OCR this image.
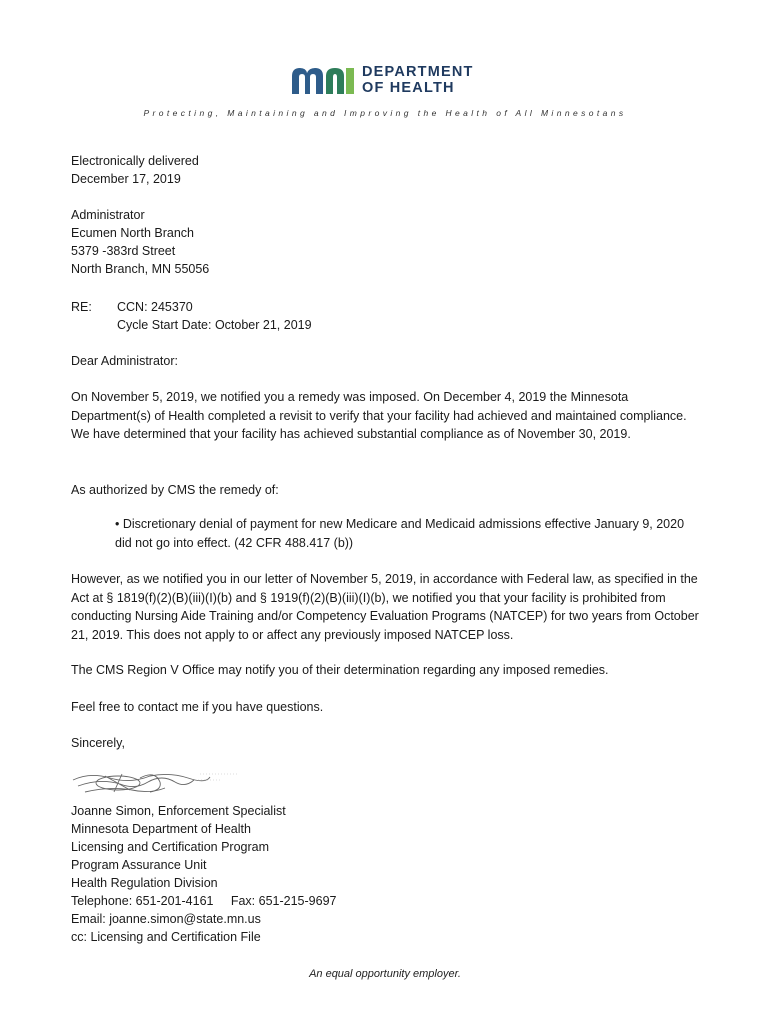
DEPARTMENT
OF HEALTH
Protecting, Maintaining and Improving the Health of All Minnesotans
Electronically delivered
December 17, 2019
Administrator
Ecumen North Branch
5379 -383rd Street
North Branch, MN 55056
RE: CCN: 245370
Cycle Start Date: October 21, 2019
Dear Administrator:
On November 5, 2019, we notified you a remedy was imposed. On December 4, 2019 the Minnesota Department(s) of Health completed a revisit to verify that your facility had achieved and maintained compliance. We have determined that your facility has achieved substantial compliance as of November 30, 2019.
As authorized by CMS the remedy of:
• Discretionary denial of payment for new Medicare and Medicaid admissions effective January 9, 2020 did not go into effect. (42 CFR 488.417 (b))
However, as we notified you in our letter of November 5, 2019, in accordance with Federal law, as specified in the Act at § 1819(f)(2)(B)(iii)(I)(b) and § 1919(f)(2)(B)(iii)(I)(b), we notified you that your facility is prohibited from conducting Nursing Aide Training and/or Competency Evaluation Programs (NATCEP) for two years from October 21, 2019. This does not apply to or affect any previously imposed NATCEP loss.
The CMS Region V Office may notify you of their determination regarding any imposed remedies.
Feel free to contact me if you have questions.
Sincerely,
Joanne Simon, Enforcement Specialist
Minnesota Department of Health
Licensing and Certification Program
Program Assurance Unit
Health Regulation Division
Telephone: 651-201-4161     Fax: 651-215-9697
Email: joanne.simon@state.mn.us
cc: Licensing and Certification File
An equal opportunity employer.
